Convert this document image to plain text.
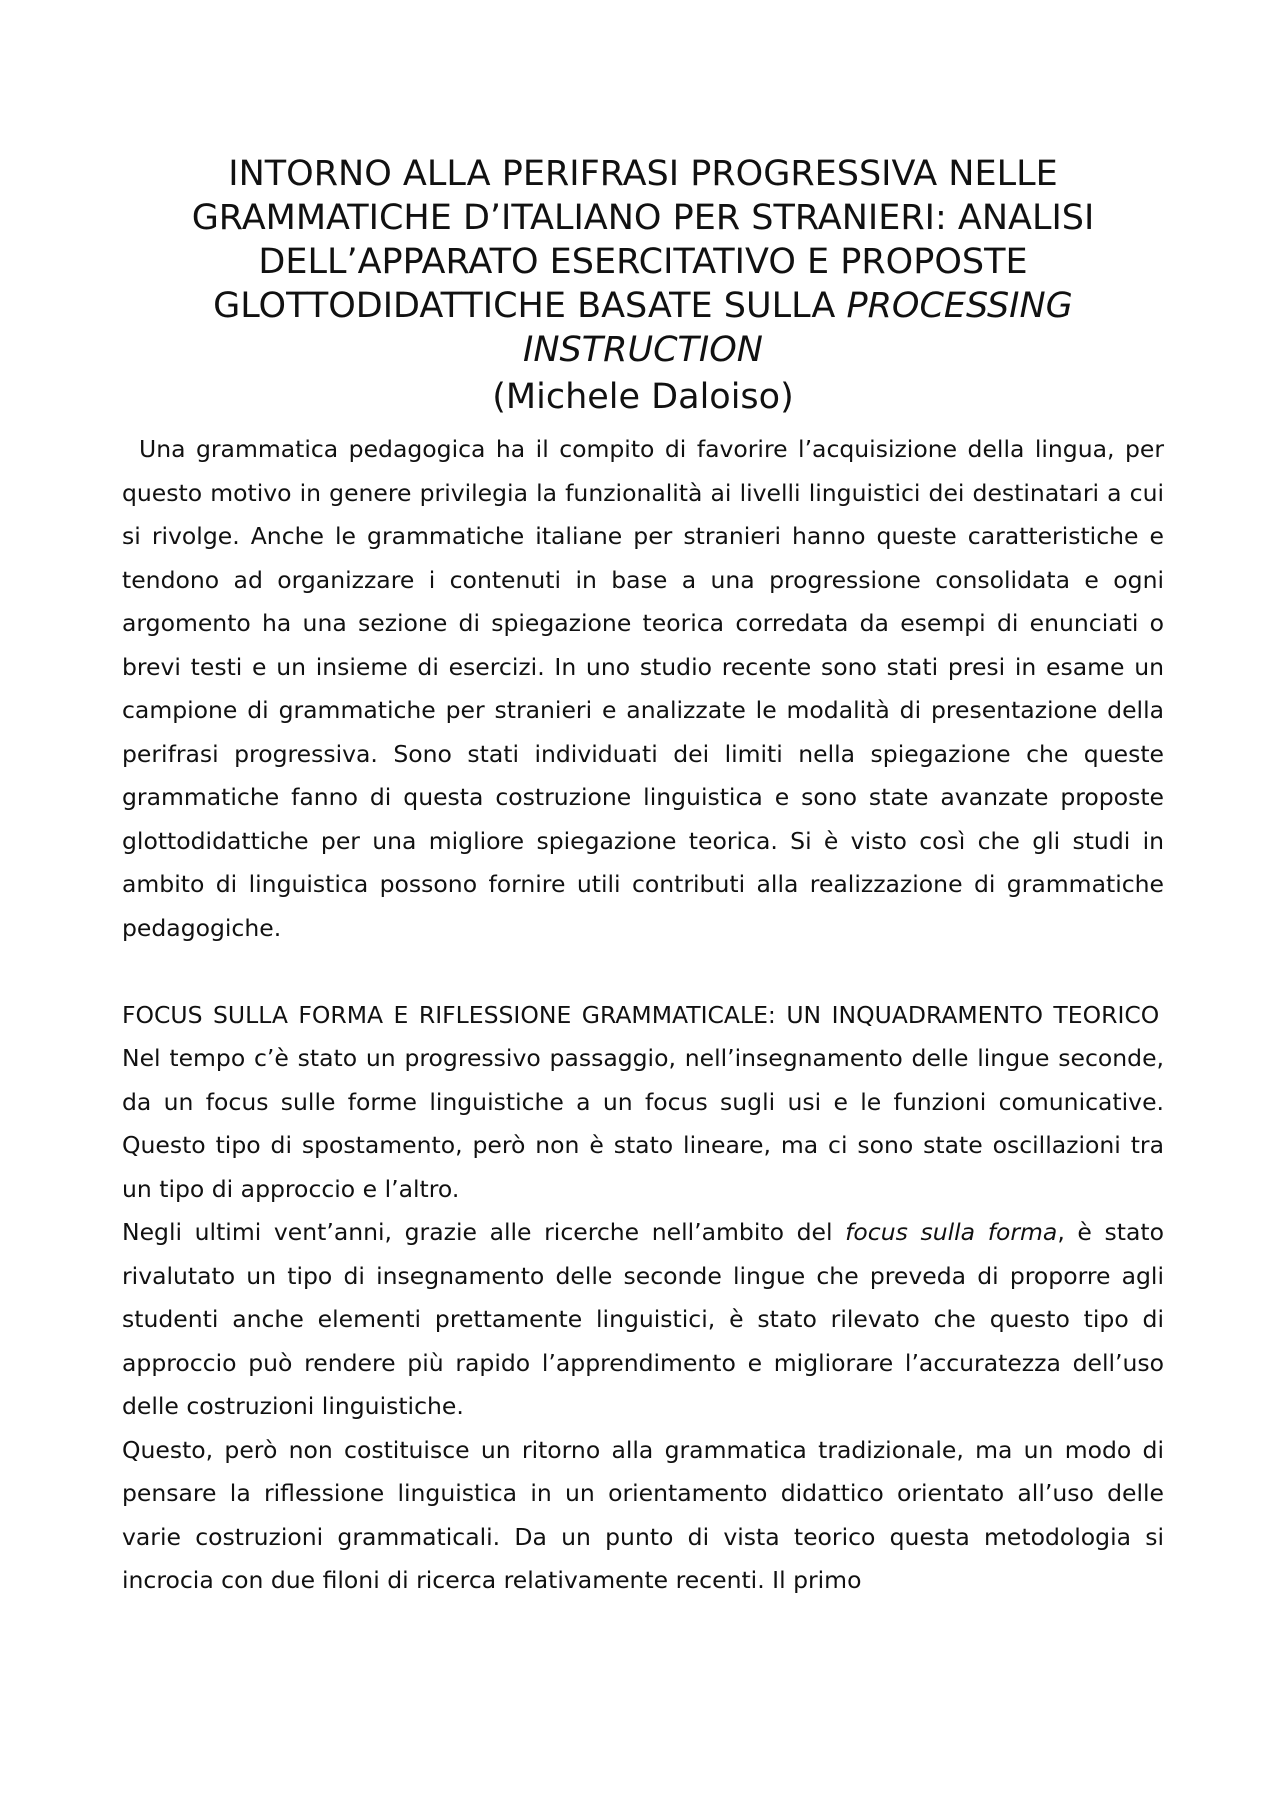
INTORNO ALLA PERIFRASI PROGRESSIVA NELLE GRAMMATICHE D’ITALIANO PER STRANIERI: ANALISI DELL’APPARATO ESERCITATIVO E PROPOSTE GLOTTODIDATTICHE BASATE SULLA PROCESSING INSTRUCTION
(Michele Daloiso)

Una grammatica pedagogica ha il compito di favorire l’acquisizione della lingua, per questo motivo in genere privilegia la funzionalità ai livelli linguistici dei destinatari a cui si rivolge. Anche le grammatiche italiane per stranieri hanno queste caratteristiche e tendono ad organizzare i contenuti in base a una progressione consolidata e ogni argomento ha una sezione di spiegazione teorica corredata da esempi di enunciati o brevi testi e un insieme di esercizi. In uno studio recente sono stati presi in esame un campione di grammatiche per stranieri e analizzate le modalità di presentazione della perifrasi progressiva. Sono stati individuati dei limiti nella spiegazione che queste grammatiche fanno di questa costruzione linguistica e sono state avanzate proposte glottodidattiche per una migliore spiegazione teorica. Si è visto così che gli studi in ambito di linguistica possono fornire utili contributi alla realizzazione di grammatiche pedagogiche.

FOCUS SULLA FORMA E RIFLESSIONE GRAMMATICALE: UN INQUADRAMENTO TEORICO

Nel tempo c’è stato un progressivo passaggio, nell’insegnamento delle lingue seconde, da un focus sulle forme linguistiche a un focus sugli usi e le funzioni comunicative. Questo tipo di spostamento, però non è stato lineare, ma ci sono state oscillazioni tra un tipo di approccio e l’altro.

Negli ultimi vent’anni, grazie alle ricerche nell’ambito del focus sulla forma, è stato rivalutato un tipo di insegnamento delle seconde lingue che preveda di proporre agli studenti anche elementi prettamente linguistici, è stato rilevato che questo tipo di approccio può rendere più rapido l’apprendimento e migliorare l’accuratezza dell’uso delle costruzioni linguistiche.

Questo, però non costituisce un ritorno alla grammatica tradizionale, ma un modo di pensare la riflessione linguistica in un orientamento didattico orientato all’uso delle varie costruzioni grammaticali. Da un punto di vista teorico questa metodologia si incrocia con due filoni di ricerca relativamente recenti. Il primo
